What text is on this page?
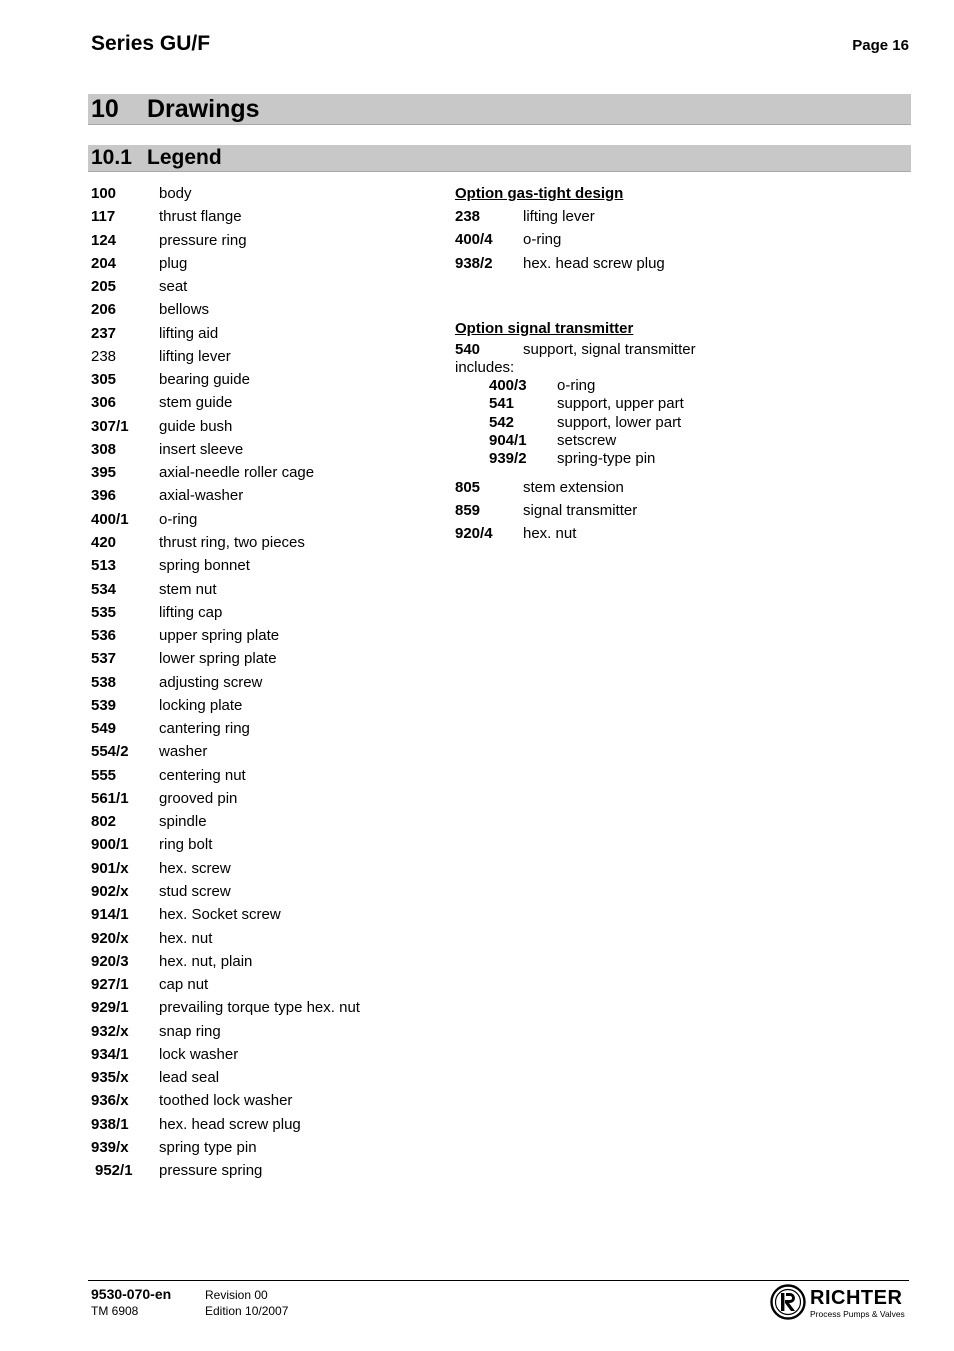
Series GU/F	Page 16
10 Drawings
10.1 Legend
100	body
117	thrust flange
124	pressure ring
204	plug
205	seat
206	bellows
237	lifting aid
238	lifting lever
305	bearing guide
306	stem guide
307/1 guide bush
308	insert sleeve
395	axial-needle roller cage
396	axial-washer
400/1 o-ring
420	thrust ring, two pieces
513	spring bonnet
534	stem nut
535	lifting cap
536	upper spring plate
537	lower spring plate
538	adjusting screw
539	locking plate
549	cantering ring
554/2 washer
555	centering nut
561/1 grooved pin
802	spindle
900/1 ring bolt
901/x hex. screw
902/x stud screw
914/1 hex. Socket screw
920/x hex. nut
920/3 hex. nut, plain
927/1 cap nut
929/1 prevailing torque type hex. nut
932/x snap ring
934/1 lock washer
935/x lead seal
936/x toothed lock washer
938/1 hex. head screw plug
939/x spring type pin
952/1 pressure spring
Option gas-tight design
238	lifting lever
400/4 o-ring
938/2 hex. head screw plug
Option signal transmitter
540	support, signal transmitter
includes:
400/3 o-ring
541	support, upper part
542	support, lower part
904/1 setscrew
939/2 spring-type pin
805	stem extension
859	signal transmitter
920/4 hex. nut
9530-070-en
TM 6908
Revision 00
Edition 10/2007
RICHTER
Process Pumps & Valves
